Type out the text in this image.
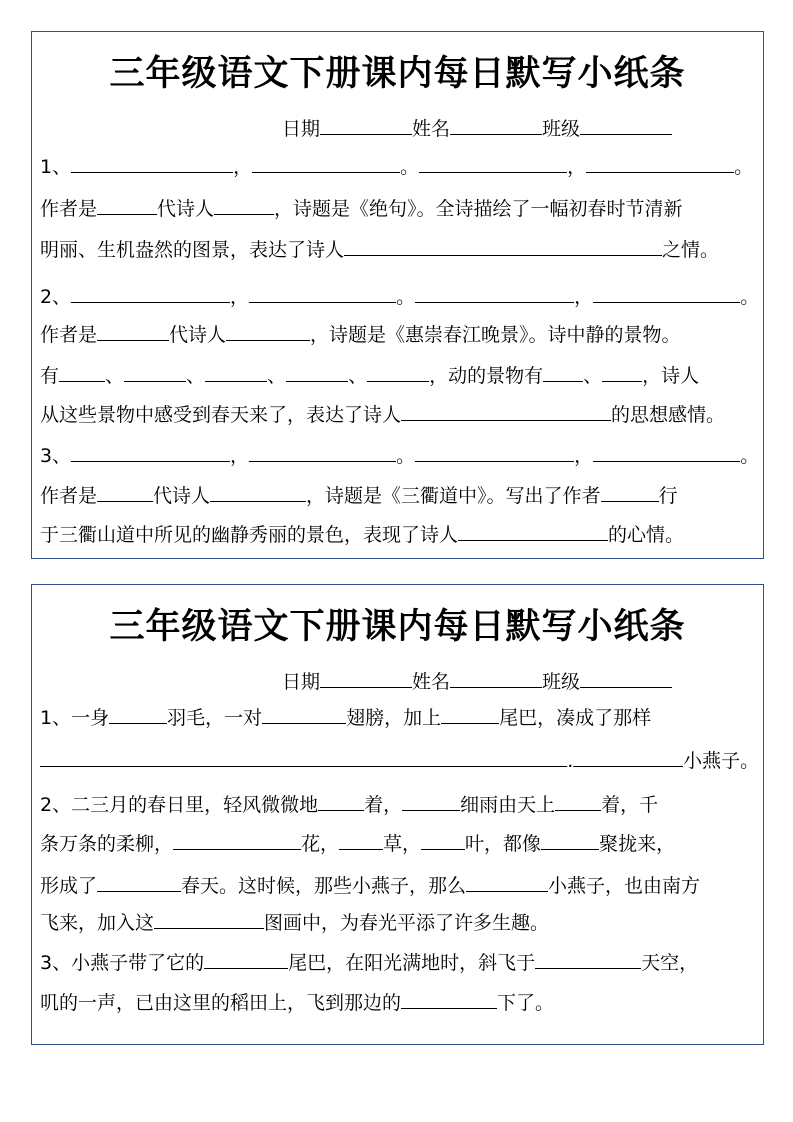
三年级语文下册课内每日默写小纸条
日期	姓名	班级
1、	，	。	，	。
作者是	代诗人	，诗题是《绝句》。全诗描绘了一幅初春时节清新
明丽、生机盎然的图景，表达了诗人	之情。
2、	，	。	，	。
作者是	代诗人	，诗题是《惠崇春江晚景》。诗中静的景物。
有 、	、	、	、	，动的景物有 、 ，诗人
从这些景物中感受到春天来了，表达了诗人	的思想感情。
3、	，	。	，	。
作者是	代诗人	，诗题是《三衢道中》。写出了作者	行
于三衢山道中所见的幽静秀丽的景色，表现了诗人	的心情。
三年级语文下册课内每日默写小纸条
日期	姓名	班级
1、一身	羽毛，一对	翅膀，加上	尾巴，凑成了那样
.	小燕子。
2、二三月的春日里，轻风微微地 着，	细雨由天上 着，千
条万条的柔柳，	花， 草， 叶，都像	聚拢来，
形成了	春天。这时候，那些小燕子，那么	小燕子，也由南方
飞来，加入这	图画中，为春光平添了许多生趣。
3、小燕子带了它的	尾巴，在阳光满地时，斜飞于	天空，
叽的一声，已由这里的稻田上，飞到那边的	下了。
